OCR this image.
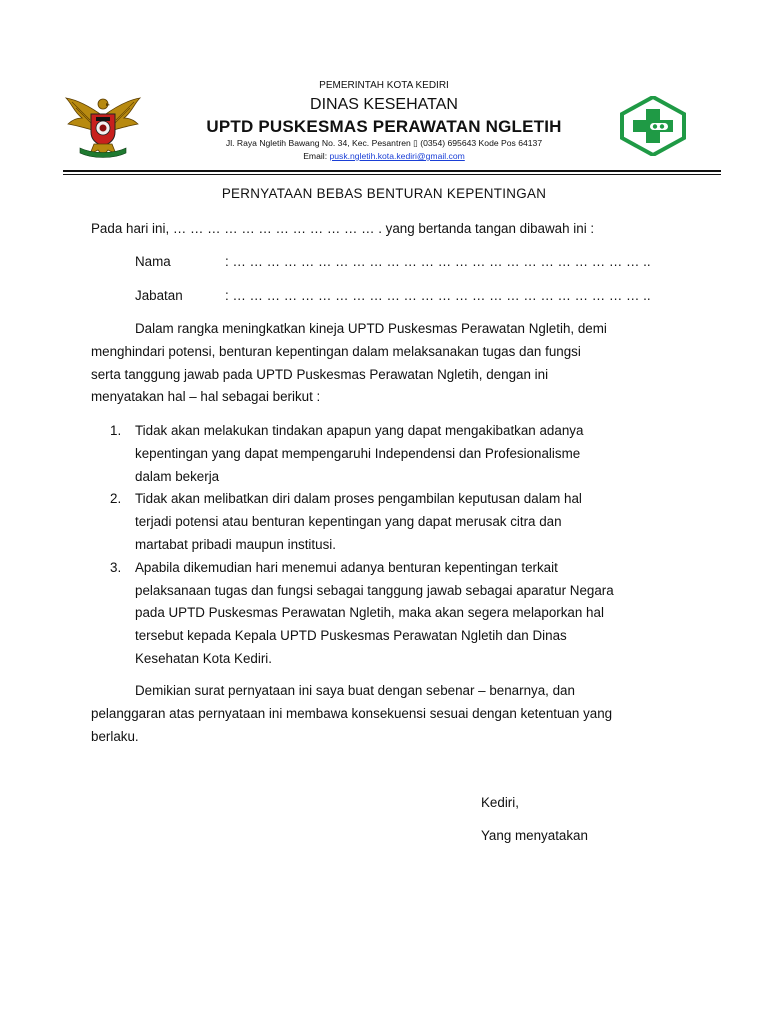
PEMERINTAH KOTA KEDIRI
DINAS KESEHATAN
UPTD PUSKESMAS PERAWATAN NGLETIH
Jl. Raya Ngletih Bawang No. 34, Kec. Pesantren ▯ (0354) 695643 Kode Pos 64137
Email: pusk.ngletih.kota.kediri@gmail.com
PERNYATAAN BEBAS BENTURAN KEPENTINGAN
Pada hari ini, … … … … … … … … … … … … . yang bertanda tangan dibawah ini :
Nama	: … … … … … … … … … … … … … … … … … … … … … … … … ..
Jabatan	: … … … … … … … … … … … … … … … … … … … … … … … … ..
Dalam rangka meningkatkan kineja UPTD Puskesmas Perawatan Ngletih, demi
menghindari potensi, benturan kepentingan dalam melaksanakan tugas dan fungsi
serta tanggung jawab pada UPTD Puskesmas Perawatan Ngletih, dengan ini
menyatakan hal – hal sebagai berikut :
1.	Tidak akan melakukan tindakan apapun yang dapat mengakibatkan adanya
kepentingan yang dapat mempengaruhi Independensi dan Profesionalisme
dalam bekerja
2.	Tidak akan melibatkan diri dalam proses pengambilan keputusan dalam hal
terjadi potensi atau benturan kepentingan yang dapat merusak citra dan
martabat pribadi maupun institusi.
3.	Apabila dikemudian hari menemui adanya benturan kepentingan terkait
pelaksanaan tugas dan fungsi sebagai tanggung jawab sebagai aparatur Negara
pada UPTD Puskesmas Perawatan Ngletih, maka akan segera melaporkan hal
tersebut kepada Kepala UPTD Puskesmas Perawatan Ngletih dan Dinas
Kesehatan Kota Kediri.
Demikian surat pernyataan ini saya buat dengan sebenar – benarnya, dan
pelanggaran atas pernyataan ini membawa konsekuensi sesuai dengan ketentuan yang
berlaku.
Kediri,
Yang menyatakan
